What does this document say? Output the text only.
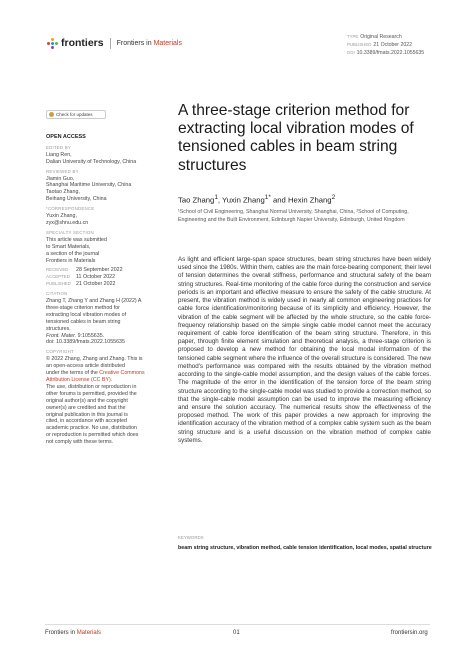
frontiers Frontiers in Materials
TYPE Original Research
PUBLISHED 21 October 2022
DOI 10.3389/fmats.2022.1055635
Check for updates
OPEN ACCESS
EDITED BY
Liang Ren,
Dalian University of Technology, China
REVIEWED BY
Jiamin Guo,
Shanghai Maritime University, China
Taotao Zhang,
Beihang University, China
*CORRESPONDENCE
Yuxin Zhang,
zyx@shnu.edu.cn
SPECIALTY SECTION
This article was submitted
to Smart Materials,
a section of the journal
Frontiers in Materials
RECEIVED	28 September 2022
ACCEPTED	11 October 2022
PUBLISHED 21 October 2022
CITATION
Zhang T, Zhang Y and Zhang H (2022) A
three-stage criterion method for
extracting local vibration modes of
tensioned cables in beam string
structures.
Front. Mater. 9:1055635.
doi: 10.3389/fmats.2022.1055635
COPYRIGHT
© 2022 Zhang, Zhang and Zhang. This is
an open-access article distributed
under the terms of the Creative Commons Attribution License (CC BY).
The use, distribution or reproduction in
other forums is permitted, provided the
original author(s) and the copyright
owner(s) are credited and that the
original publication in this journal is
cited, in accordance with accepted
academic practice. No use, distribution
or reproduction is permitted which does
not comply with these terms.
A three-stage criterion method for extracting local vibration modes of tensioned cables in beam string structures
Tao Zhang$^1$, Yuxin Zhang$^{1*}$ and Hexin Zhang$^2$
¹School of Civil Engineering, Shanghai Normal University, Shanghai, China, ²School of Computing, Engineering and the Built Environment, Edinburgh Napier University, Edinburgh, United Kingdom
As light and efficient large-span space structures, beam string structures have been widely used since the 1980s. Within them, cables are the main force-bearing component; their level of tension determines the overall stiffness, performance and structural safety of the beam string structures. Real-time monitoring of the cable force during the construction and service periods is an important and effective measure to ensure the safety of the cable structure. At present, the vibration method is widely used in nearly all common engineering practices for cable force identification/monitoring because of its simplicity and efficiency. However, the vibration of the cable segment will be affected by the whole structure, so the cable force-frequency relationship based on the simple single cable model cannot meet the accuracy requirement of cable force identification of the beam string structure. Therefore, in this paper, through finite element simulation and theoretical analysis, a three-stage criterion is proposed to develop a new method for obtaining the local modal information of the tensioned cable segment where the influence of the overall structure is considered. The new method's performance was compared with the results obtained by the vibration method according to the single-cable model assumption, and the design values of the cable forces. The magnitude of the error in the identification of the tension force of the beam string structure according to the single-cable model was studied to provide a correction method, so that the single-cable model assumption can be used to improve the measuring efficiency and ensure the solution accuracy. The numerical results show the effectiveness of the proposed method. The work of this paper provides a new approach for improving the identification accuracy of the vibration method of a complex cable system such as the beam string structure and is a useful discussion on the vibration method of complex cable systems.
KEYWORDS
beam string structure, vibration method, cable tension identification, local modes, spatial structure
Frontiers in Materials	01	frontiersin.org
